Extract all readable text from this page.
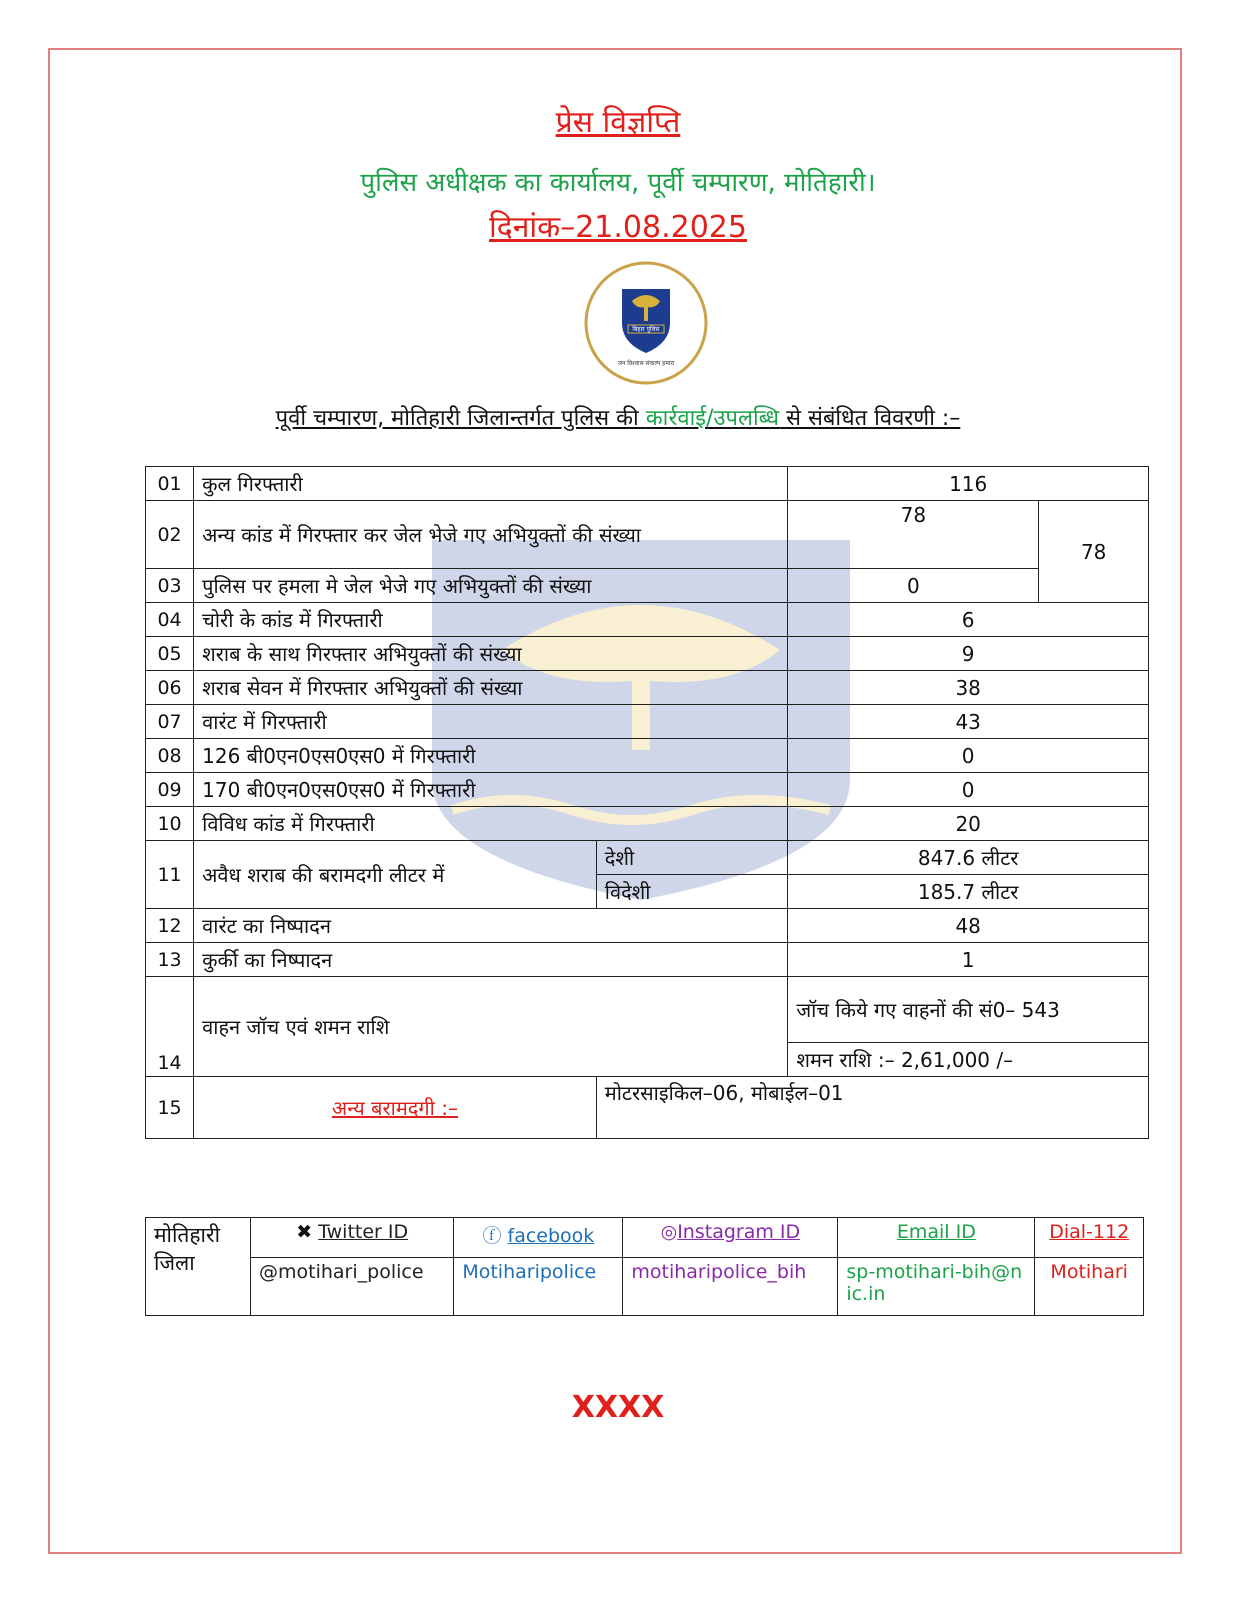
प्रेस विज्ञप्ति
पुलिस अधीक्षक का कार्यालय, पूर्वी चम्पारण, मोतिहारी।
दिनांक–21.08.2025
बिहार पुलिस
जन विश्वास संकल्प हमारा
पूर्वी चम्पारण, मोतिहारी जिलान्तर्गत पुलिस की कार्रवाई/उपलब्धि से संबंधित विवरणी :–
01	कुल गिरफ्तारी		116	
02	अन्य कांड में गिरफ्तार कर जेल भेजे गए अभियुक्तों की संख्या		78	78
03	पुलिस पर हमला मे जेल भेजे गए अभियुक्तों की संख्या		0	
04	चोरी के कांड में गिरफ्तारी		6	
05	शराब के साथ गिरफ्तार अभियुक्तों की संख्या		9	
06	शराब सेवन में गिरफ्तार अभियुक्तों की संख्या		38	
07	वारंट में गिरफ्तारी		43	
08	126 बी0एन0एस0एस0 में गिरफ्तारी		0	
09	170 बी0एन0एस0एस0 में गिरफ्तारी		0	
10	विविध कांड में गिरफ्तारी		20	
11	अवैध शराब की बरामदगी लीटर में	देशी	847.6 लीटर	
		विदेशी	185.7 लीटर	
12	वारंट का निष्पादन		48	
13	कुर्की का निष्पादन		1	
14	वाहन जॉच एवं शमन राशि		जॉच किये गए वाहनों की सं0– 543	
			शमन राशि :– 2,61,000 /–	
15	अन्य बरामदगी :–	मोटरसाइकिल–06, मोबाईल–01		
मोतिहारी जिला	✖ Twitter ID	ⓕ facebook	◎Instagram ID	Email ID	Dial-112
	@motihari_police	Motiharipolice	motiharipolice_bih	sp-motihari-bih@nic.in	Motihari
XXXX
